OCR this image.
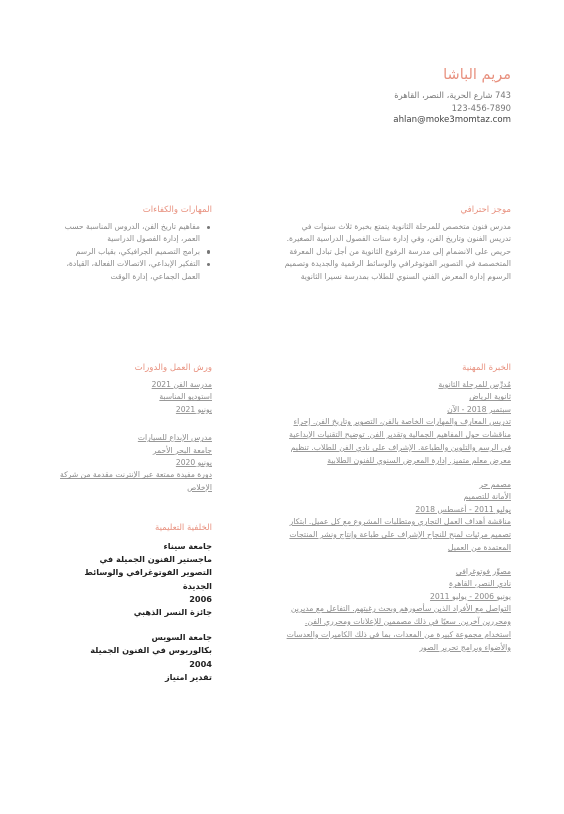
مريم الباشا
743 شارع الحرية، النصر، القاهرة
123-456-7890
ahlan@moke3momtaz.com
موجز احترافي
مدرس فنون متخصص للمرحلة الثانوية يتمتع بخبرة ثلاث سنوات في تدريس الفنون وتاريخ الفن، وفي إدارة ستات الفصول الدراسية الصغيرة. حريص على الانضمام إلى مدرسة الرفوع الثانوية من أجل تبادل المعرفة المتخصصة في التصوير الفوتوغرافي والوسائط الرقمية والجديدة وتصميم الرسوم إدارة المعرض الفني السنوي للطلاب بمدرسة نسيرا الثانوية
المهارات والكفاءات
مفاهيم تاريخ الفن، الدروس المناسبة حسب العمر، إدارة الفصول الدراسية
برامج التصميم الجرافيكي، بقياب الرسم
التفكير الإبداعي، الاتصالات الفعالة، القيادة، العمل الجماعي، إدارة الوقت
الخبرة المهنية
مُدرِّس للمرحلة الثانوية
ثانوية الرياض
سبتمبر 2018 - الآن
تدريس المعارف والمهارات الخاصة بالفن، التصوير وتاريخ الفن. إجراء مناقشات حول المفاهيم الجمالية وتقدير الفن. توضيح التقنيات الإبداعية في الرسم والتلوين والطباعة. الإشراف على نادي الفن للطلاب. تنظيم معرض معلم متميز. إدارة المعرض السنوي للفنون الطلابية
مصمم حر
الأمانة للتصميم
يوليو 2011 - أغسطس 2018
مناقشة أهداف العمل التجاري ومتطلبات المشروع مع كل عميل. ابتكار تصميم مرئيات لمنح للنجاح الإشراف على طباعة وإنتاج ونشر المنتجات المعتمدة من العميل
مصوِّر فوتوغرافي
نادي النصر، القاهرة
يونيو 2006 - يوليو 2011
التواصل مع الأفراد الذين سأصورهم وبحث رغبتهم. التفاعل مع مديرين ومحررين آخرين. سعيًا في ذلك مصممين للإعلانات ومحرري الفن. استخدام مجموعة كبيرة من المعدات، بما في ذلك الكاميرات والعدسات والأضواء وبرامج تحرير الصور
ورش العمل والدورات
مدرسة الفن 2021
استوديو المناسبة
يونيو 2021
مدرس الإبداع للسيارات
جامعة البحر الأحمر
يونيو 2020
دورة مفيدة ممتعة عبر الإنترنت مقدمة من شركة الإخلاص
الخلفية التعليمية
جامعة سيناء
ماجستير الفنون الجميلة في
التصوير الفوتوغرافي والوسائط
الجديدة
2006
جائزة النسر الذهبي
جامعة السويس
بكالوريوس في الفنون الجميلة
2004
تقدير امتياز
